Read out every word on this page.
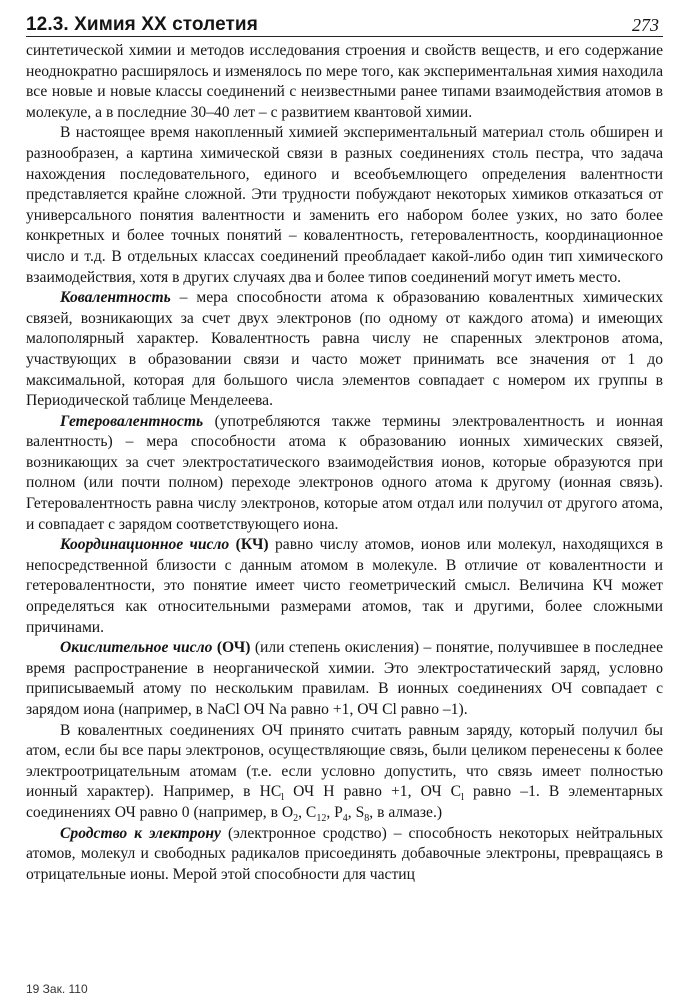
12.3. Химия XX столетия	273

синтетической химии и методов исследования строения и свойств веществ, и его содержание неоднократно расширялось и изменялось по мере того, как экспериментальная химия находила все новые и новые классы соединений с неизвестными ранее типами взаимодействия атомов в молекуле, а в последние 30–40 лет – с развитием квантовой химии.

В настоящее время накопленный химией экспериментальный материал столь обширен и разнообразен, а картина химической связи в разных соединениях столь пестра, что задача нахождения последовательного, единого и всеобъемлющего определения валентности представляется крайне сложной. Эти трудности побуждают некоторых химиков отказаться от универсального понятия валентности и заменить его набором более узких, но зато более конкретных и более точных понятий – ковалентность, гетеровалентность, координационное число и т.д. В отдельных классах соединений преобладает какой-либо один тип химического взаимодействия, хотя в других случаях два и более типов соединений могут иметь место.

Ковалентность – мера способности атома к образованию ковалентных химических связей, возникающих за счет двух электронов (по одному от каждого атома) и имеющих малополярный характер. Ковалентность равна числу не спаренных электронов атома, участвующих в образовании связи и часто может принимать все значения от 1 до максимальной, которая для большого числа элементов совпадает с номером их группы в Периодической таблице Менделеева.

Гетеровалентность (употребляются также термины электровалентность и ионная валентность) – мера способности атома к образованию ионных химических связей, возникающих за счет электростатического взаимодействия ионов, которые образуются при полном (или почти полном) переходе электронов одного атома к другому (ионная связь). Гетеровалентность равна числу электронов, которые атом отдал или получил от другого атома, и совпадает с зарядом соответствующего иона.

Координационное число (КЧ) равно числу атомов, ионов или молекул, находящихся в непосредственной близости с данным атомом в молекуле. В отличие от ковалентности и гетеровалентности, это понятие имеет чисто геометрический смысл. Величина КЧ может определяться как относительными размерами атомов, так и другими, более сложными причинами.

Окислительное число (ОЧ) (или степень окисления) – понятие, получившее в последнее время распространение в неорганической химии. Это электростатический заряд, условно приписываемый атому по нескольким правилам. В ионных соединениях ОЧ совпадает с зарядом иона (например, в NaCl ОЧ Na равно +1, ОЧ Cl равно –1).

В ковалентных соединениях ОЧ принято считать равным заряду, который получил бы атом, если бы все пары электронов, осуществляющие связь, были целиком перенесены к более электроотрицательным атомам (т.е. если условно допустить, что связь имеет полностью ионный характер). Например, в $HC_l$ ОЧ H равно +1, ОЧ $C_l$ равно –1. В элементарных соединениях ОЧ равно 0 (например, в $O_2$, $C_{12}$, $P_4$, $S_8$, в алмазе.)

Сродство к электрону (электронное сродство) – способность некоторых нейтральных атомов, молекул и свободных радикалов присоединять добавочные электроны, превращаясь в отрицательные ионы. Мерой этой способности для частиц

19 Зак. 110
